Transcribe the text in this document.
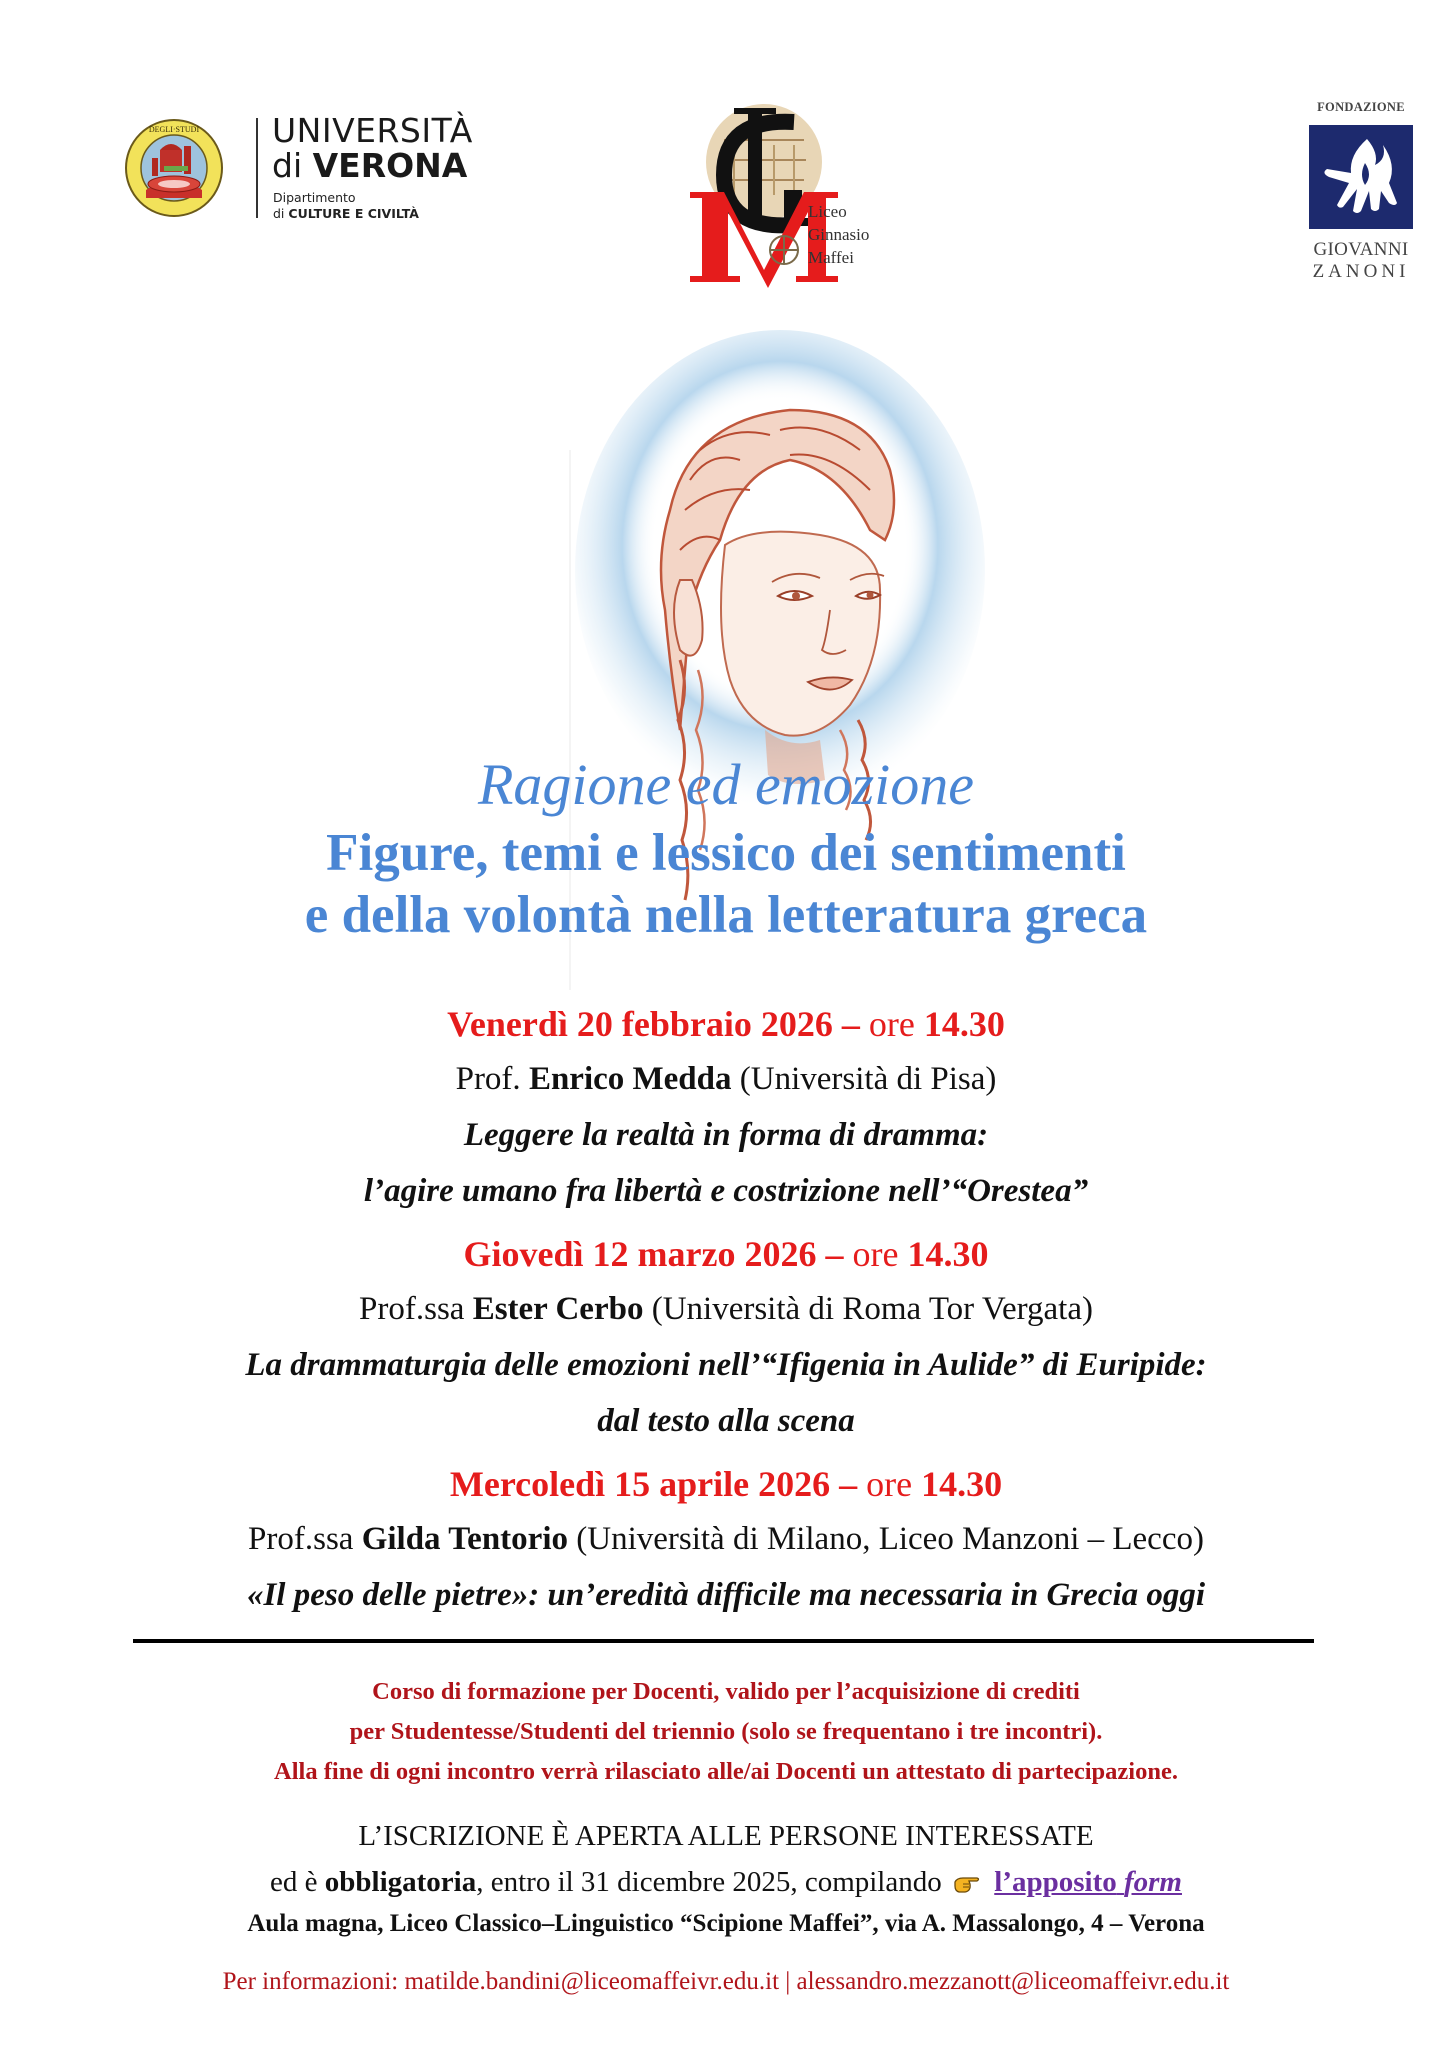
DEGLI·STUDI UNIVERSITÀ
di VERONA
Dipartimento
di CULTURE E CIVILTÀ	Liceo
Ginnasio
Maffei
FONDAZIONE
GIOVANNI
ZANONI
Ragione ed emozione
Figure, temi e lessico dei sentimenti
e della volontà nella letteratura greca
Venerdì 20 febbraio 2026 – ore 14.30
Prof. Enrico Medda (Università di Pisa)
Leggere la realtà in forma di dramma:
l’agire umano fra libertà e costrizione nell’“Orestea”
Giovedì 12 marzo 2026 – ore 14.30
Prof.ssa Ester Cerbo (Università di Roma Tor Vergata)
La drammaturgia delle emozioni nell’“Ifigenia in Aulide” di Euripide:
dal testo alla scena
Mercoledì 15 aprile 2026 – ore 14.30
Prof.ssa Gilda Tentorio (Università di Milano, Liceo Manzoni – Lecco)
«Il peso delle pietre»: un’eredità difficile ma necessaria in Grecia oggi
Corso di formazione per Docenti, valido per l’acquisizione di crediti
per Studentesse/Studenti del triennio (solo se frequentano i tre incontri).
Alla fine di ogni incontro verrà rilasciato alle/ai Docenti un attestato di partecipazione.
L’ISCRIZIONE È APERTA ALLE PERSONE INTERESSATE
ed è obbligatoria, entro il 31 dicembre 2025, compilando l’apposito form
Aula magna, Liceo Classico–Linguistico “Scipione Maffei”, via A. Massalongo, 4 – Verona
Per informazioni: matilde.bandini@liceomaffeivr.edu.it | alessandro.mezzanott@liceomaffeivr.edu.it
